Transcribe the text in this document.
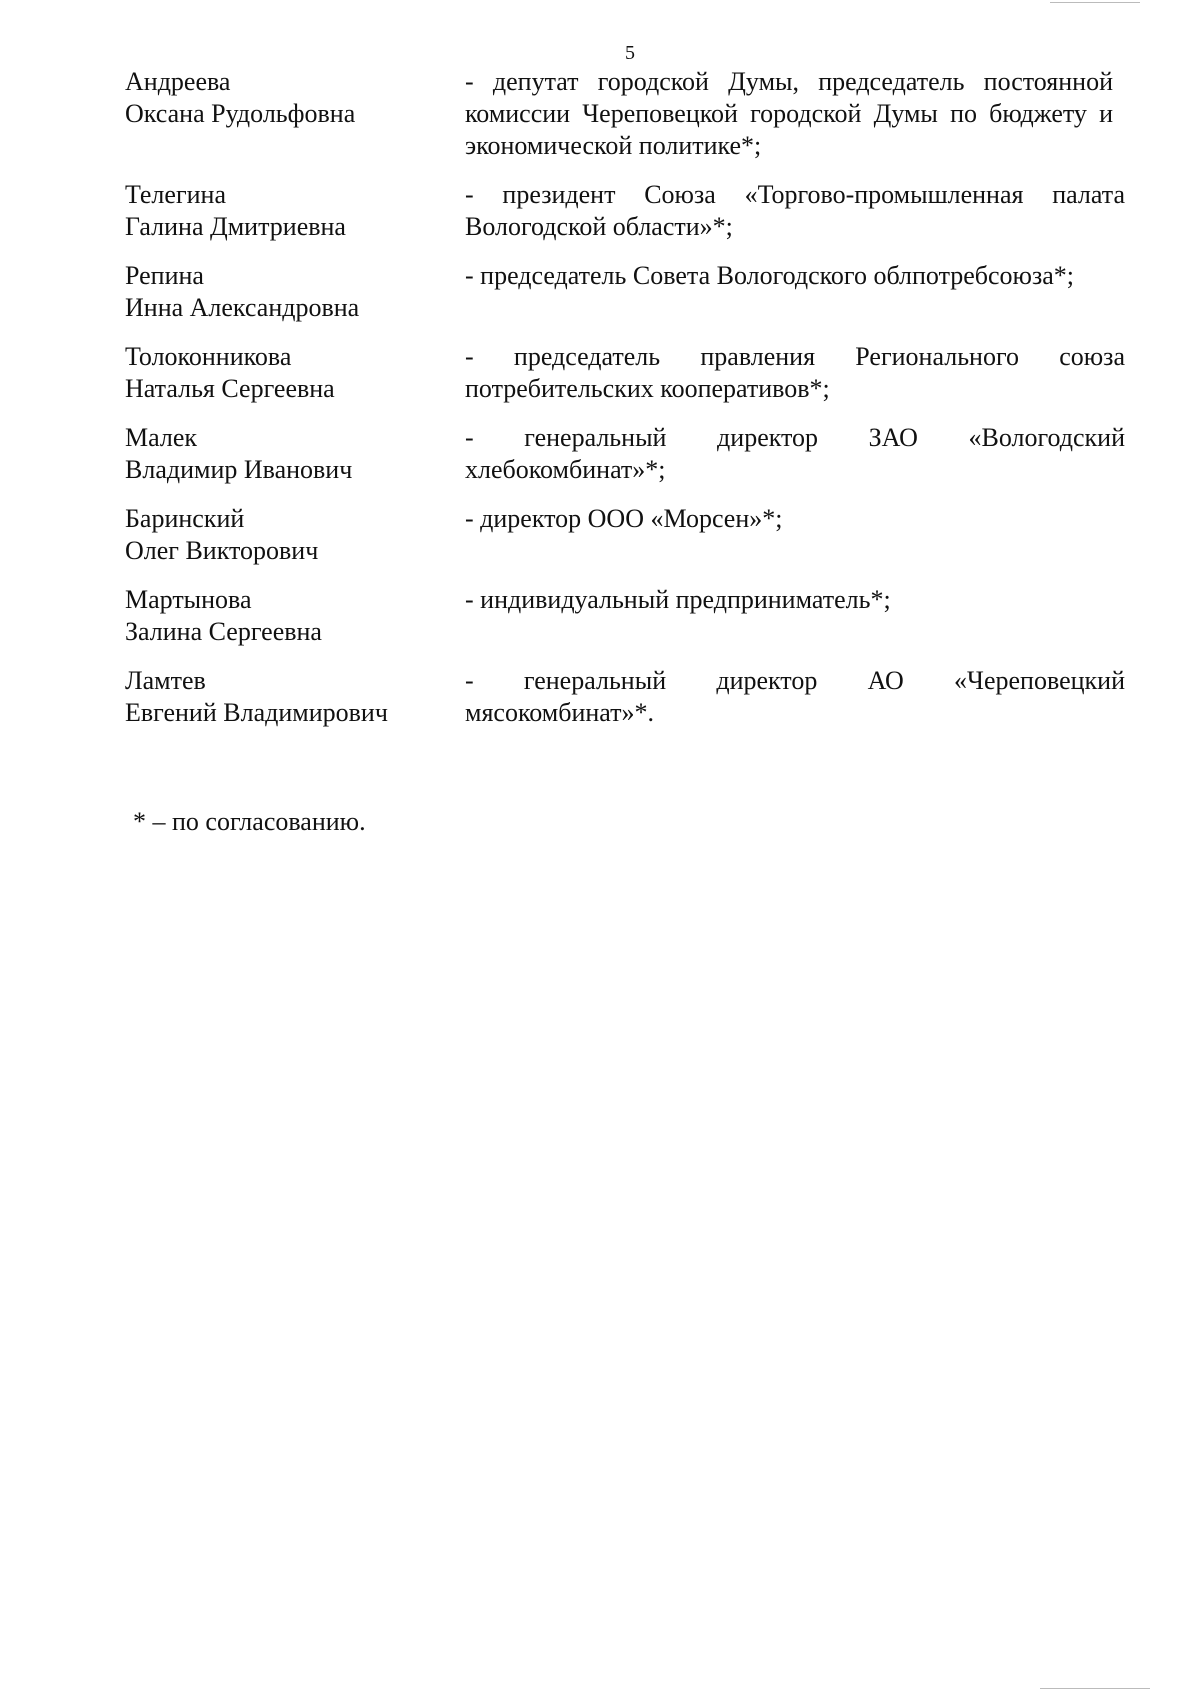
5
Андреева
Оксана Рудольфовна
- депутат городской Думы, председатель постоянной комиссии Череповецкой городской Думы по бюджету и экономической политике*;
Телегина
Галина Дмитриевна
- президент Союза «Торгово-промышленная палата Вологодской области»*;
Репина
Инна Александровна
- председатель Совета Вологодского облпотребсоюза*;
Толоконникова
Наталья Сергеевна
- председатель правления Регионального союза потребительских кооперативов*;
Малек
Владимир Иванович
- генеральный директор ЗАО «Вологодский хлебокомбинат»*;
Баринский
Олег Викторович
- директор ООО «Морсен»*;
Мартынова
Залина Сергеевна
- индивидуальный предприниматель*;
Ламтев
Евгений Владимирович
- генеральный директор АО «Череповецкий мясокомбинат»*.
* – по согласованию.
